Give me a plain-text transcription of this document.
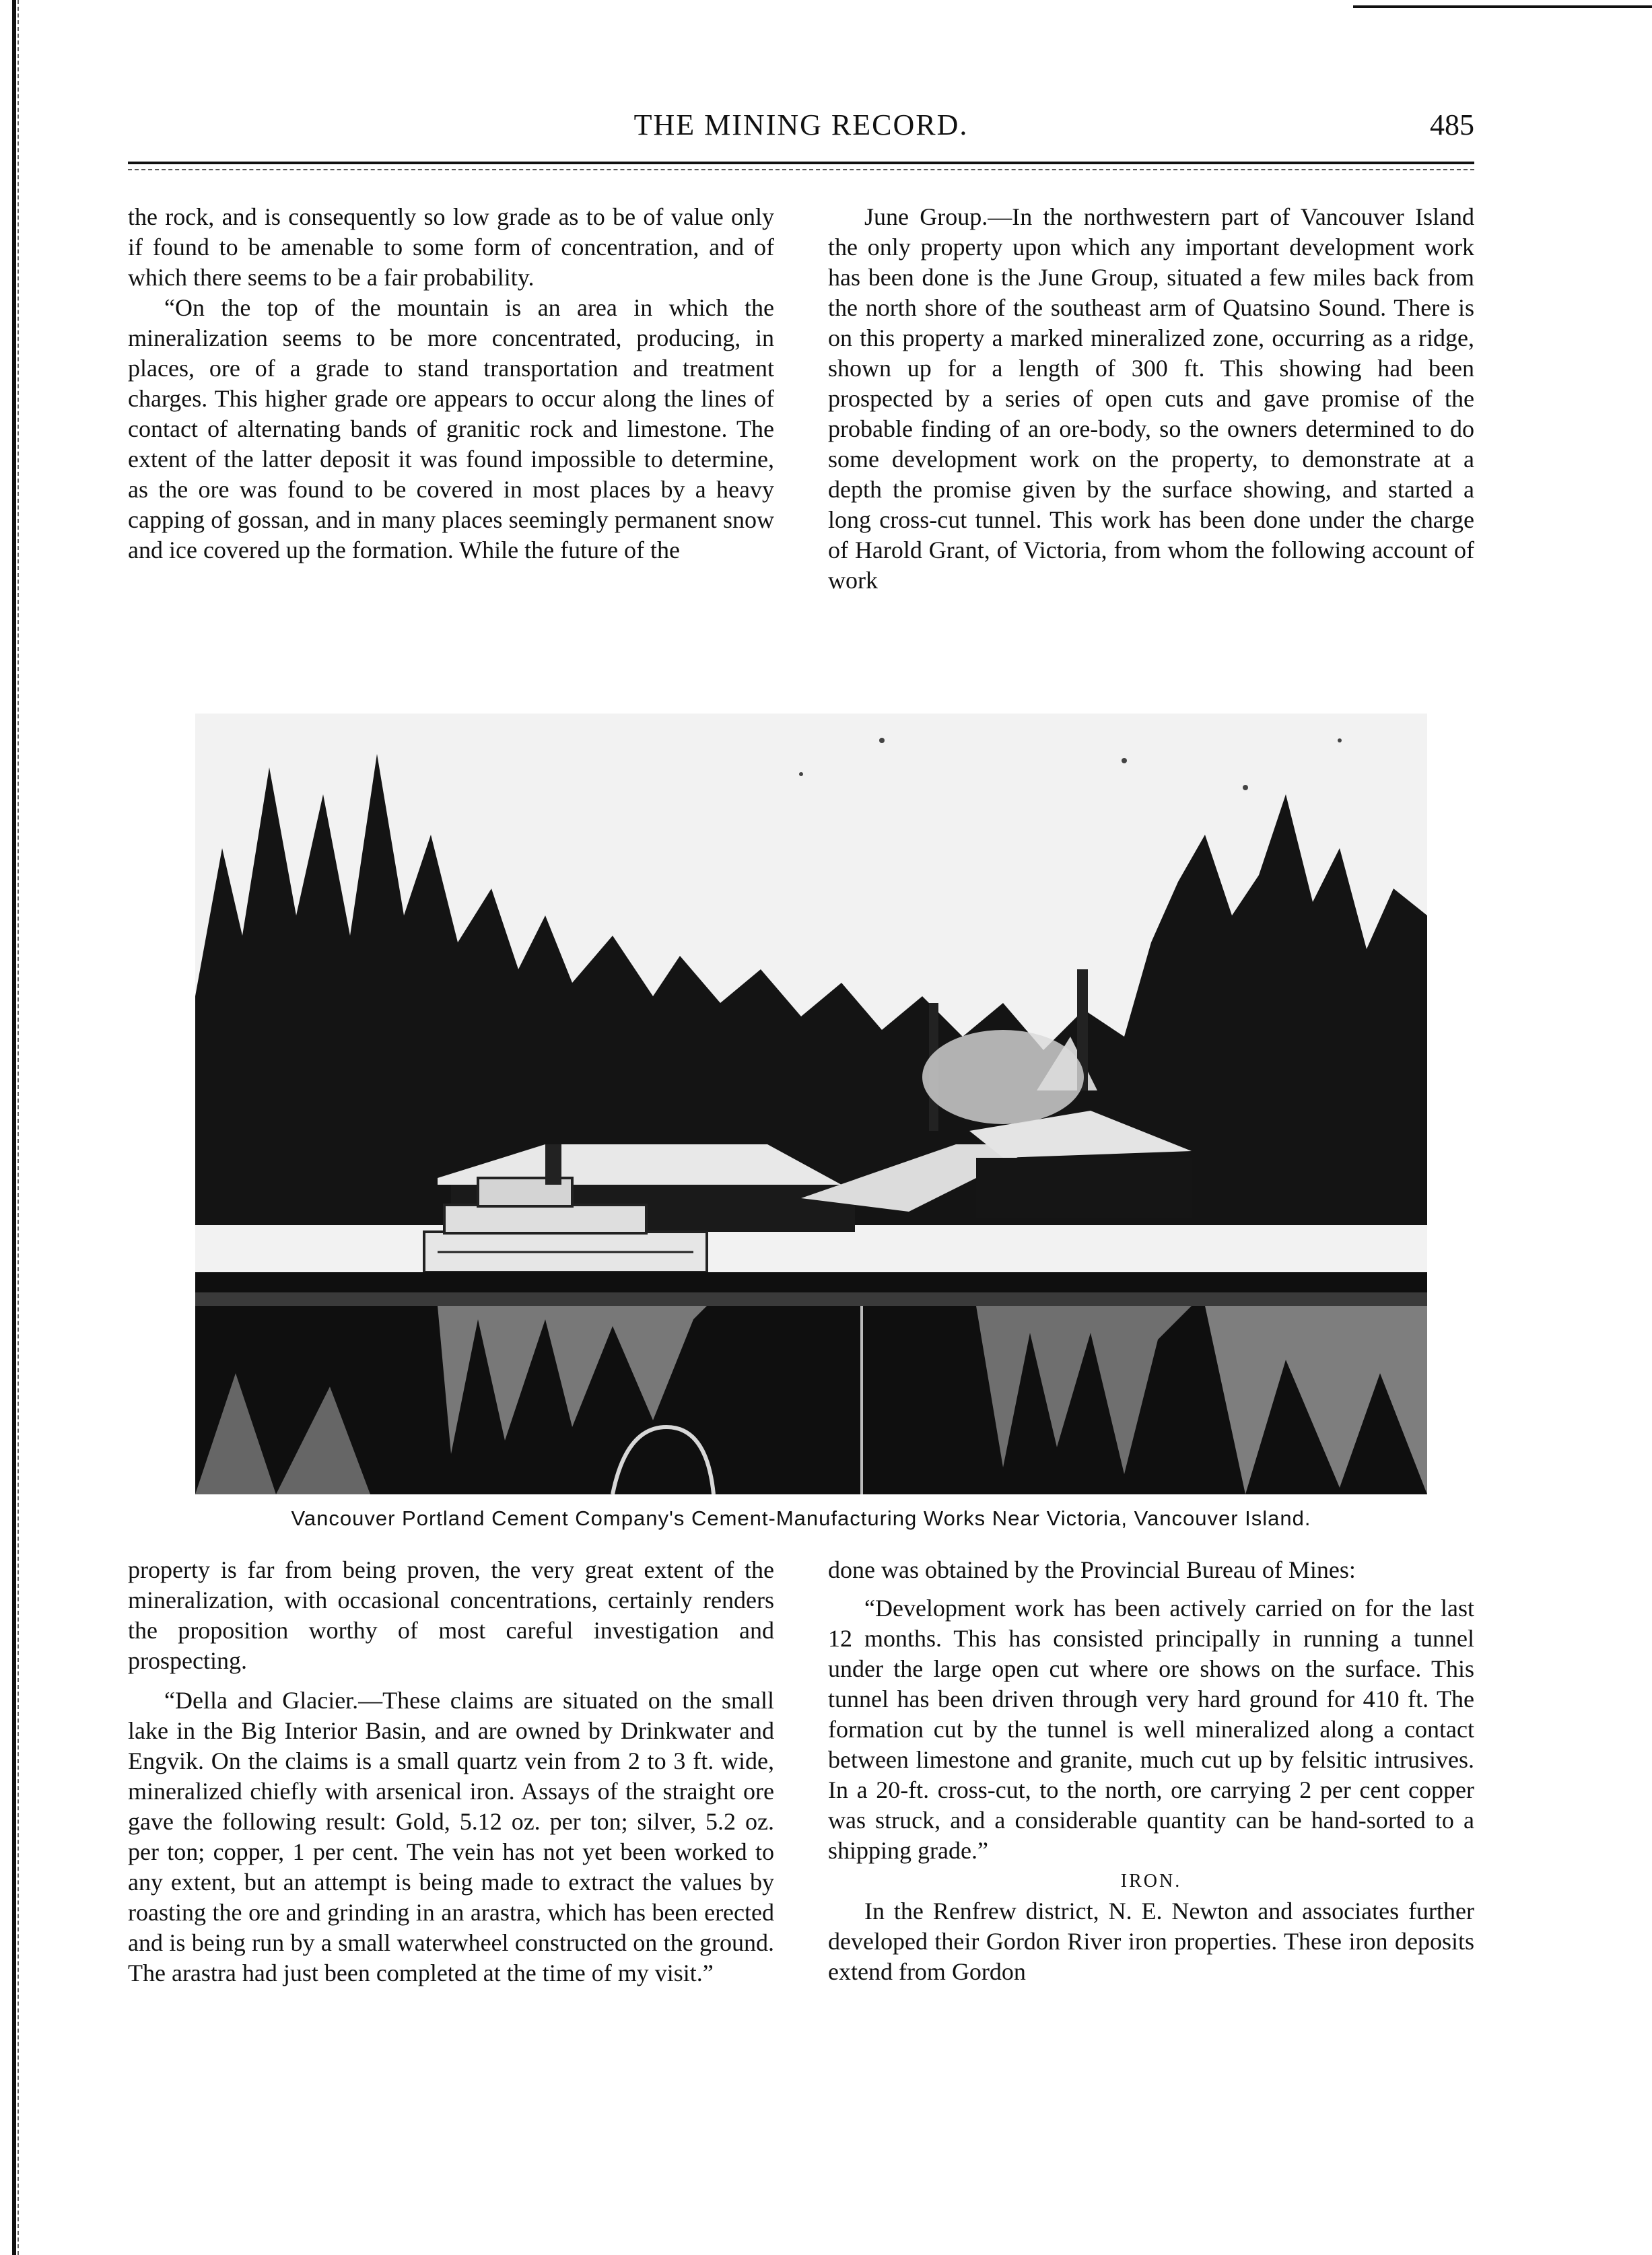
THE MINING RECORD.	485

the rock, and is consequently so low grade as to be of value only if found to be amenable to some form of concentration, and of which there seems to be a fair probability.

“On the top of the mountain is an area in which the mineralization seems to be more concentrated, producing, in places, ore of a grade to stand transportation and treatment charges. This higher grade ore appears to occur along the lines of contact of alternating bands of granitic rock and limestone. The extent of the latter deposit it was found impossible to determine, as the ore was found to be covered in most places by a heavy capping of gossan, and in many places seemingly permanent snow and ice covered up the formation. While the future of the

June Group.—In the northwestern part of Vancouver Island the only property upon which any important development work has been done is the June Group, situated a few miles back from the north shore of the southeast arm of Quatsino Sound. There is on this property a marked mineralized zone, occurring as a ridge, shown up for a length of 300 ft. This showing had been prospected by a series of open cuts and gave promise of the probable finding of an ore-body, so the owners determined to do some development work on the property, to demonstrate at a depth the promise given by the surface showing, and started a long cross-cut tunnel. This work has been done under the charge of Harold Grant, of Victoria, from whom the following account of work

Vancouver Portland Cement Company's Cement-Manufacturing Works Near Victoria, Vancouver Island.

property is far from being proven, the very great extent of the mineralization, with occasional concentrations, certainly renders the proposition worthy of most careful investigation and prospecting.

“Della and Glacier.—These claims are situated on the small lake in the Big Interior Basin, and are owned by Drinkwater and Engvik. On the claims is a small quartz vein from 2 to 3 ft. wide, mineralized chiefly with arsenical iron. Assays of the straight ore gave the following result: Gold, 5.12 oz. per ton; silver, 5.2 oz. per ton; copper, 1 per cent. The vein has not yet been worked to any extent, but an attempt is being made to extract the values by roasting the ore and grinding in an arastra, which has been erected and is being run by a small waterwheel constructed on the ground. The arastra had just been completed at the time of my visit.”

done was obtained by the Provincial Bureau of Mines:

“Development work has been actively carried on for the last 12 months. This has consisted principally in running a tunnel under the large open cut where ore shows on the surface. This tunnel has been driven through very hard ground for 410 ft. The formation cut by the tunnel is well mineralized along a contact between limestone and granite, much cut up by felsitic intrusives. In a 20-ft. cross-cut, to the north, ore carrying 2 per cent copper was struck, and a considerable quantity can be hand-sorted to a shipping grade.”

IRON.

In the Renfrew district, N. E. Newton and associates further developed their Gordon River iron properties. These iron deposits extend from Gordon
